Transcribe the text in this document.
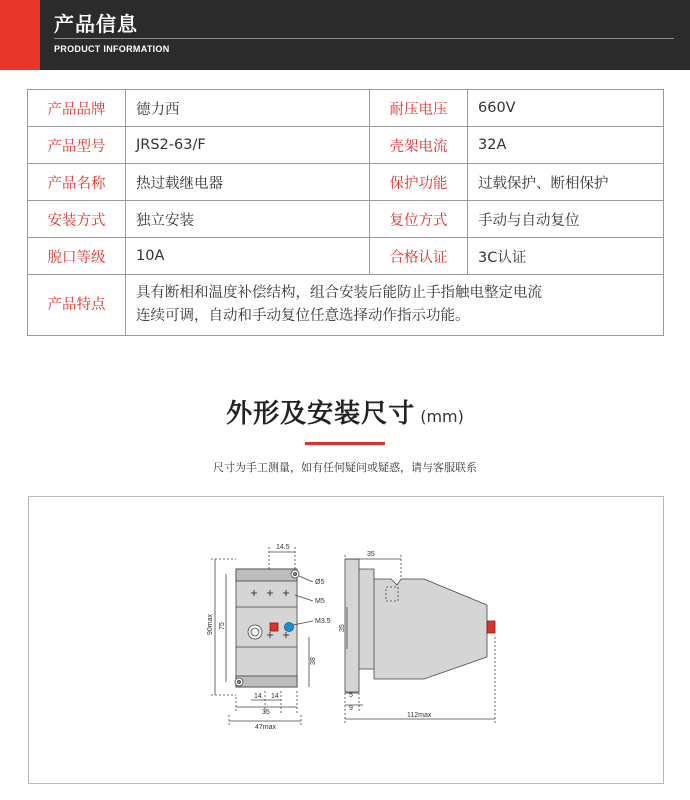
产品信息
PRODUCT INFORMATION
产品品牌	德力西	耐压电压	660V
产品型号	JRS2-63/F	壳架电流	32A
产品名称	热过载继电器	保护功能	过载保护、断相保护
安装方式	独立安装	复位方式	手动与自动复位
脱口等级	10A	合格认证	3C认证
产品特点	具有断相和温度补偿结构，组合安装后能防止手指触电整定电流
连续可调，自动和手动复位任意选择动作指示功能。		
外形及安装尺寸 (mm)
尺寸为手工测量，如有任何疑问或疑惑，请与客服联系
14.5
Ø5
M5
M3.5
90max 75
38
14 14
35
47max
35
35
5
9
112max
